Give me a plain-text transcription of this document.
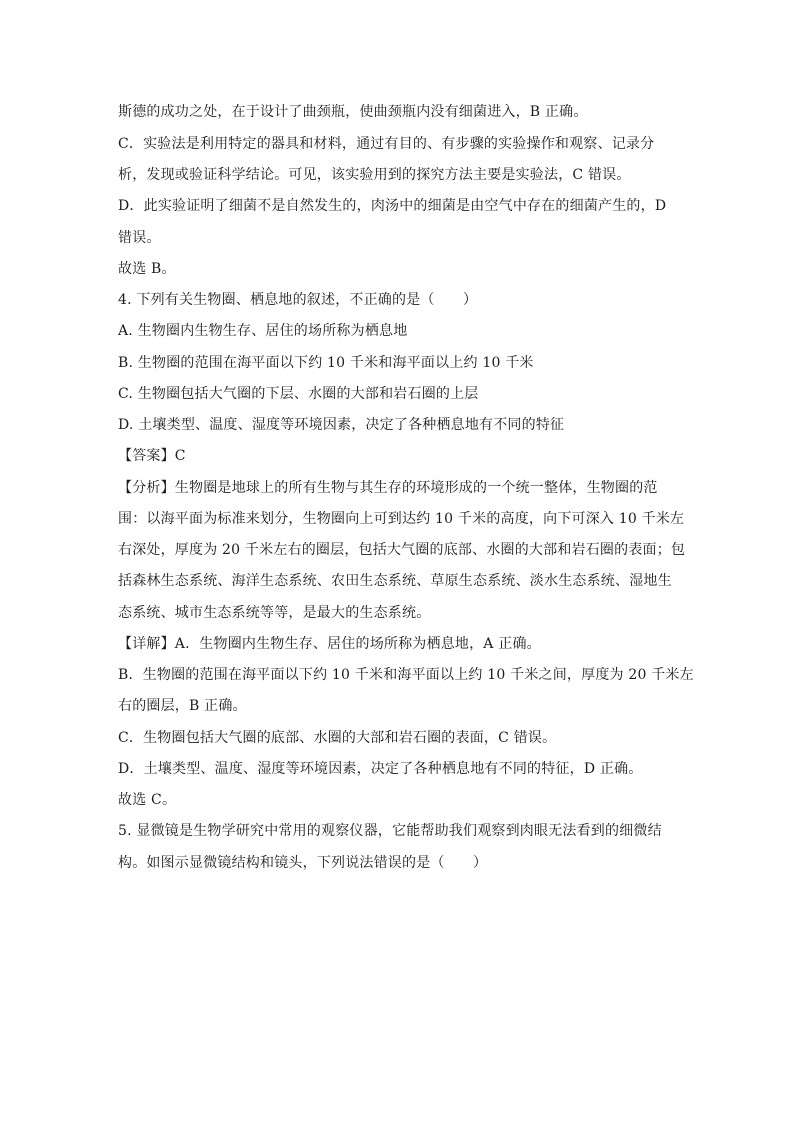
斯德的成功之处，在于设计了曲颈瓶，使曲颈瓶内没有细菌进入，B 正确。
C．实验法是利用特定的器具和材料，通过有目的、有步骤的实验操作和观察、记录分
析，发现或验证科学结论。可见，该实验用到的探究方法主要是实验法，C 错误。
D．此实验证明了细菌不是自然发生的，肉汤中的细菌是由空气中存在的细菌产生的，D
错误。
故选 B。
4. 下列有关生物圈、栖息地的叙述，不正确的是（　　）
A. 生物圈内生物生存、居住的场所称为栖息地
B. 生物圈的范围在海平面以下约 10 千米和海平面以上约 10 千米
C. 生物圈包括大气圈的下层、水圈的大部和岩石圈的上层
D. 土壤类型、温度、湿度等环境因素，决定了各种栖息地有不同的特征
【答案】C
【分析】生物圈是地球上的所有生物与其生存的环境形成的一个统一整体，生物圈的范
围：以海平面为标准来划分，生物圈向上可到达约 10 千米的高度，向下可深入 10 千米左
右深处，厚度为 20 千米左右的圈层，包括大气圈的底部、水圈的大部和岩石圈的表面；包
括森林生态系统、海洋生态系统、农田生态系统、草原生态系统、淡水生态系统、湿地生
态系统、城市生态系统等等，是最大的生态系统。
【详解】A．生物圈内生物生存、居住的场所称为栖息地，A 正确。
B．生物圈的范围在海平面以下约 10 千米和海平面以上约 10 千米之间，厚度为 20 千米左
右的圈层，B 正确。
C．生物圈包括大气圈的底部、水圈的大部和岩石圈的表面，C 错误。
D．土壤类型、温度、湿度等环境因素，决定了各种栖息地有不同的特征，D 正确。
故选 C。
5. 显微镜是生物学研究中常用的观察仪器，它能帮助我们观察到肉眼无法看到的细微结
构。如图示显微镜结构和镜头，下列说法错误的是（　　）
